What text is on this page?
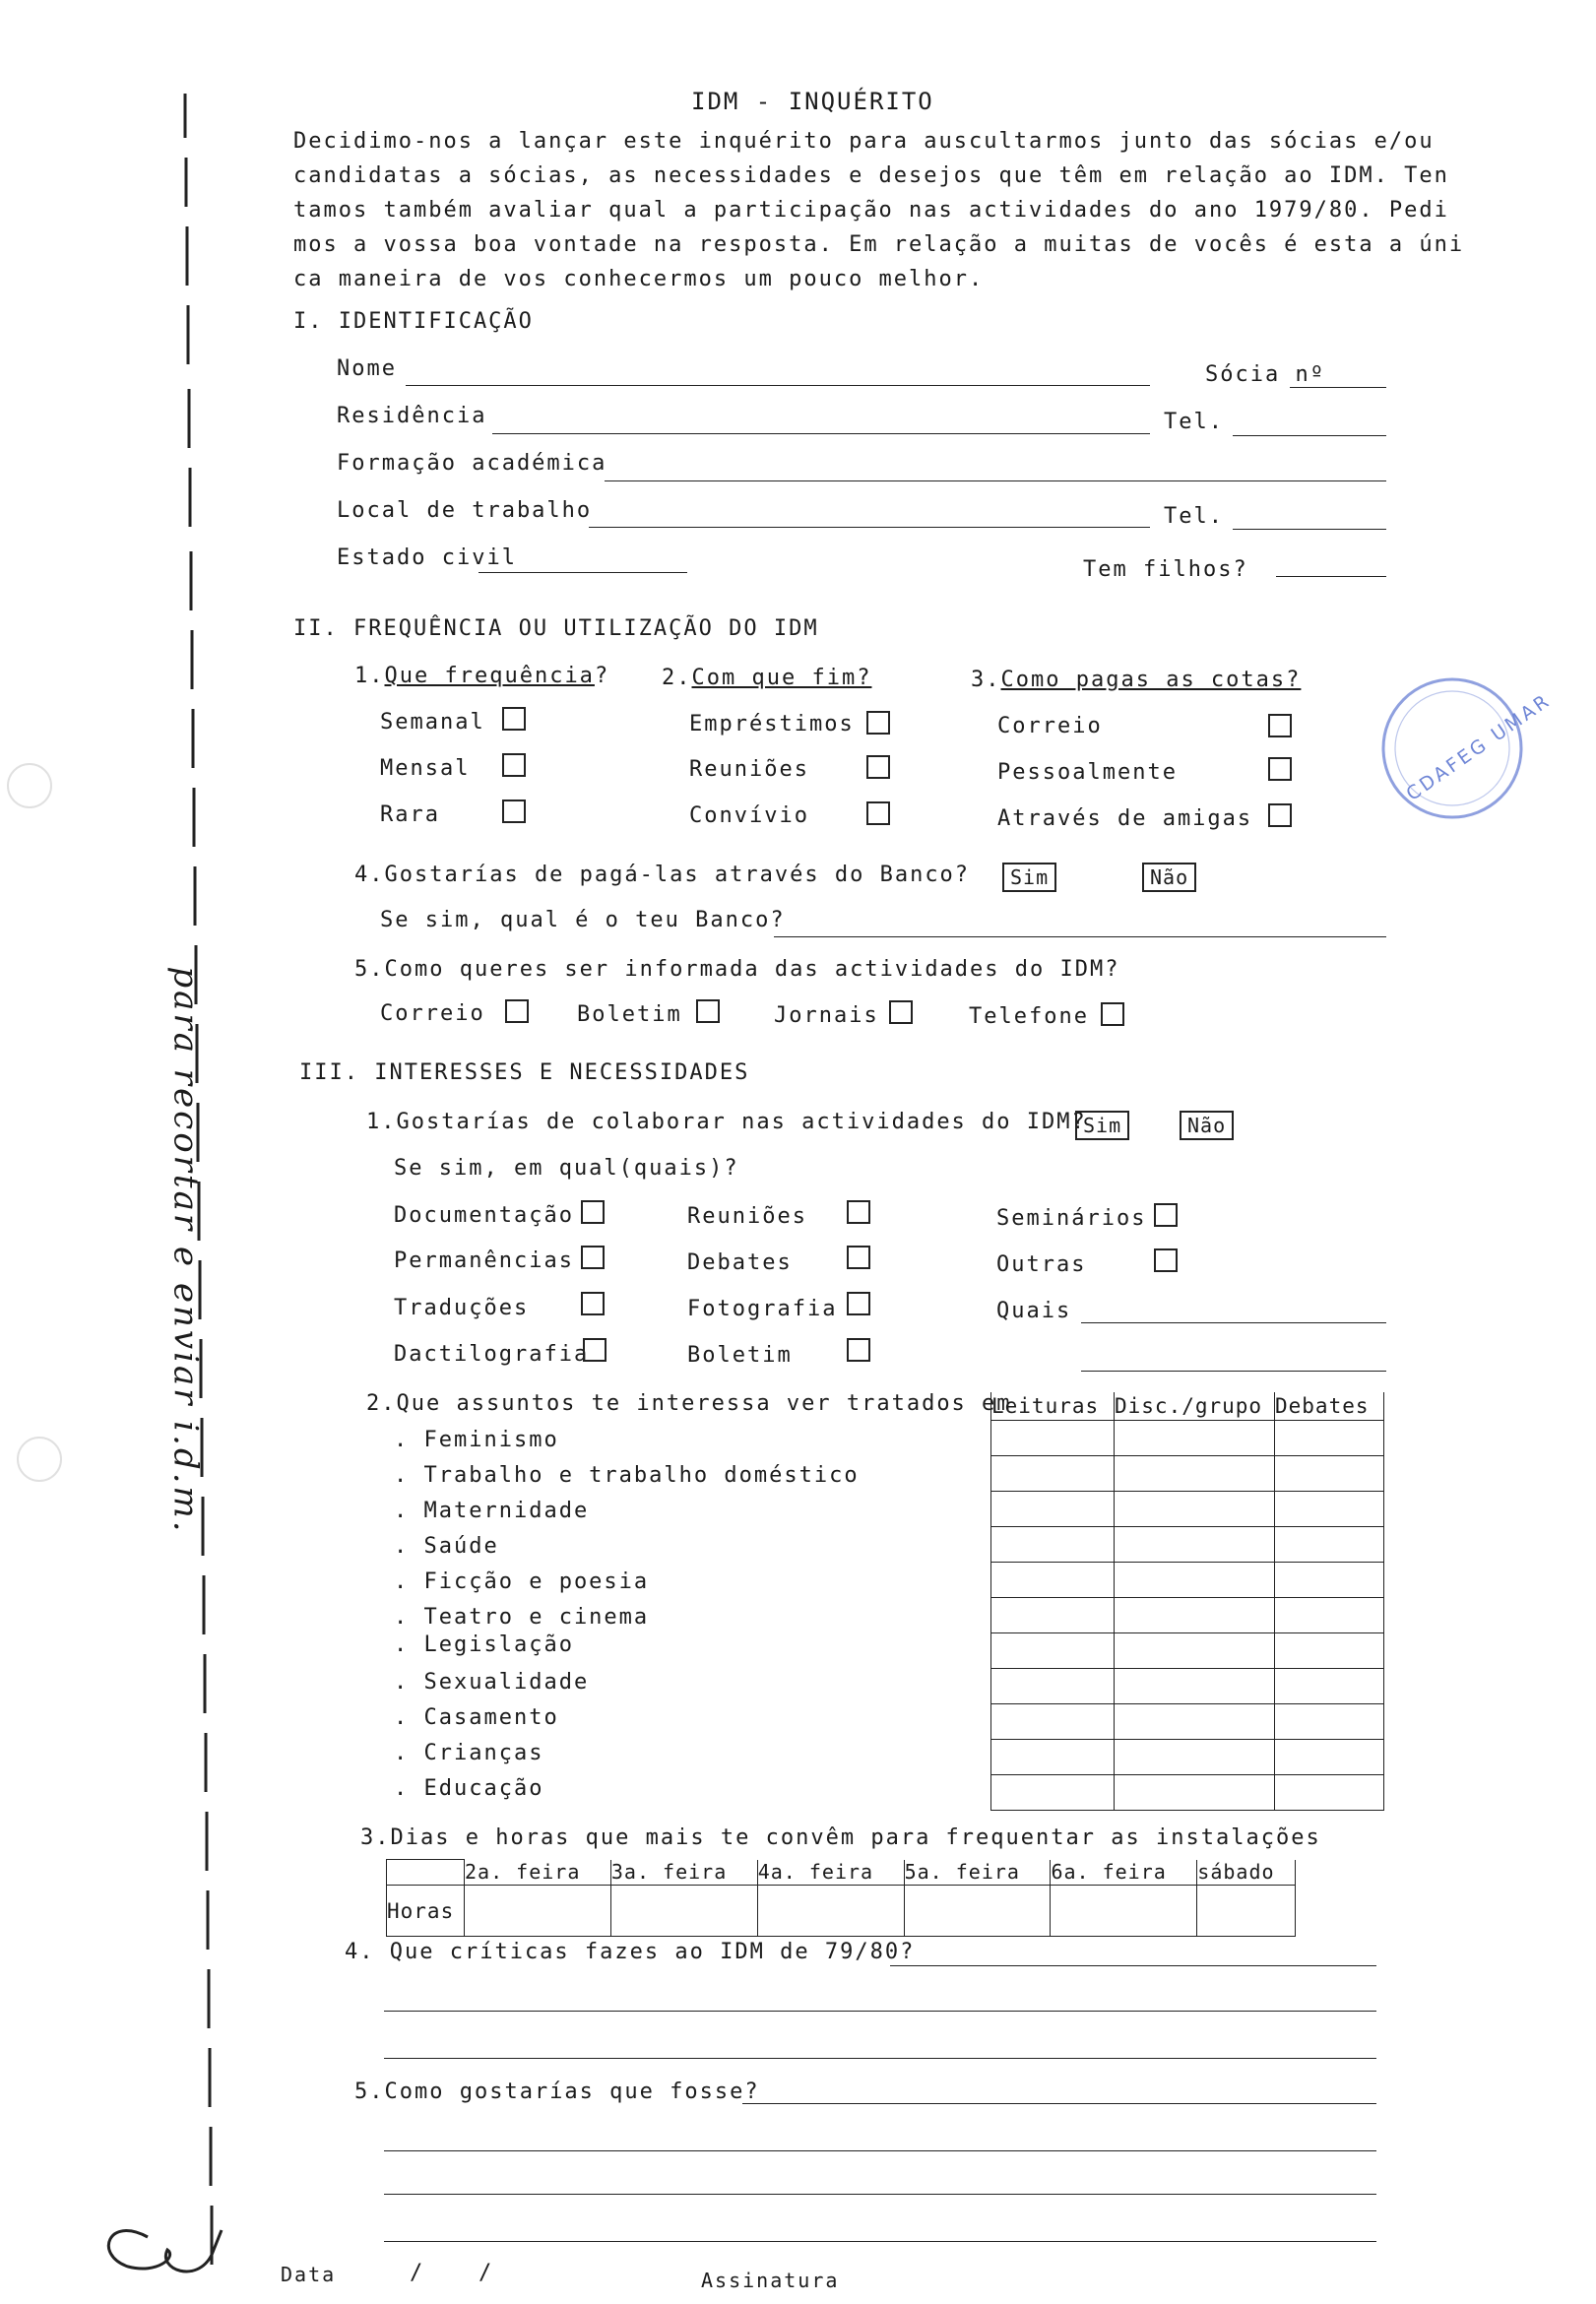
CDAFEG UMAR
para recortar e enviar i.d.m.
IDM - INQUÉRITO
Decidimo-nos a lançar este inquérito para auscultarmos junto das sócias e/ou
candidatas a sócias, as necessidades e desejos que têm em relação ao IDM. Ten
tamos também avaliar qual a participação nas actividades do ano 1979/80. Pedi
mos a vossa boa vontade na resposta. Em relação a muitas de vocês é esta a úni
ca maneira de vos conhecermos um pouco melhor.
I. IDENTIFICAÇÃO
Nome	Sócia nº
Residência	Tel.
Formação académica
Local de trabalho	Tel.
Estado civil	Tem filhos?
II. FREQUÊNCIA OU UTILIZAÇÃO DO IDM
1.Que frequência? 2.Com que fim?	3.Como pagas as cotas?
Semanal
Mensal
Rara
Empréstimos
Reuniões
Convívio
Correio
Pessoalmente
Através de amigas
4.Gostarías de pagá-las através do Banco?	Sim	Não
Se sim, qual é o teu Banco?
5.Como queres ser informada das actividades do IDM?
Correio	Boletim	Jornais	Telefone
III. INTERESSES E NECESSIDADES
1.Gostarías de colaborar nas actividades do IDM?
Sim	Não
Se sim, em qual(quais)?
Documentação
Permanências
Traduções
Dactilografia
Reuniões
Debates
Fotografia
Boletim
Seminários
Outras
Quais
2.Que assuntos te interessa ver tratados em
. Feminismo
. Trabalho e trabalho doméstico
. Maternidade
. Saúde
. Ficção e poesia
. Teatro e cinema
. Legislação
. Sexualidade
. Casamento
. Crianças
. Educação
Leituras	Disc./grupo	Debates

3.Dias e horas que mais te convêm para frequentar as instalações
	2a. feira	3a. feira	4a. feira	5a. feira	6a. feira	sábado
Horas						
4. Que críticas fazes ao IDM de 79/80?
5.Como gostarías que fosse?
Data	/ /	Assinatura
